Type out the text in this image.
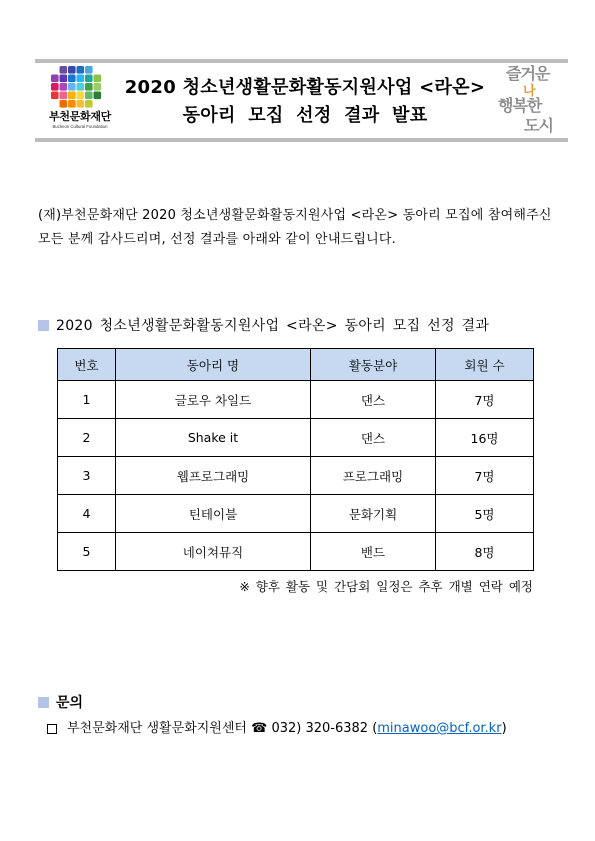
부천문화재단
Bucheon Cultural Foundation
2020 청소년생활문화활동지원사업 <라온>
동아리 모집 선정 결과 발표
즐거운
나
행복한
도시
(재)부천문화재단 2020 청소년생활문화활동지원사업 <라온> 동아리 모집에 참여해주신
모든 분께 감사드리며, 선정 결과를 아래와 같이 안내드립니다.
2020 청소년생활문화활동지원사업 <라온> 동아리 모집 선정 결과
번호	동아리 명	활동분야	회원 수
1	글로우 차일드	댄스	7명
2	Shake it	댄스	16명
3	웹프로그래밍	프로그래밍	7명
4	틴테이블	문화기획	5명
5	네이쳐뮤직	밴드	8명
※ 향후 활동 및 간담회 일정은 추후 개별 연락 예정
문의
부천문화재단 생활문화지원센터 ☎ 032) 320-6382 (minawoo@bcf.or.kr)
